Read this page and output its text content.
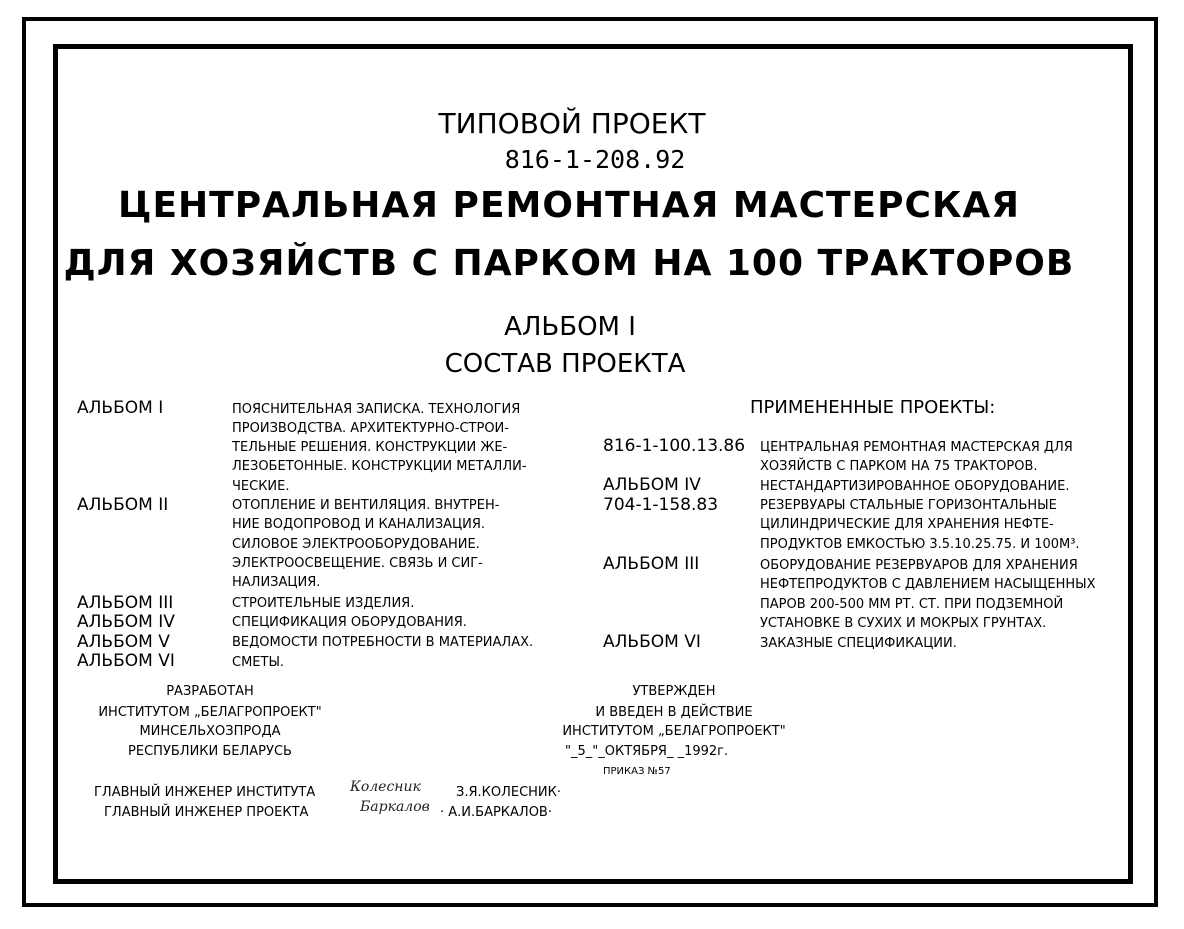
ТИПОВОЙ ПРОЕКТ
816-1-208.92
ЦЕНТРАЛЬНАЯ РЕМОНТНАЯ МАСТЕРСКАЯ
ДЛЯ ХОЗЯЙСТВ С ПАРКОМ НА 100 ТРАКТОРОВ
АЛЬБОМ I
СОСТАВ ПРОЕКТА
АЛЬБОМ I	ПОЯСНИТЕЛЬНАЯ ЗАПИСКА. ТЕХНОЛОГИЯ
ПРОИЗВОДСТВА. АРХИТЕКТУРНО-СТРОИ-
ТЕЛЬНЫЕ РЕШЕНИЯ. КОНСТРУКЦИИ ЖЕ-
ЛЕЗОБЕТОННЫЕ. КОНСТРУКЦИИ МЕТАЛЛИ-
ЧЕСКИЕ.
АЛЬБОМ II	ОТОПЛЕНИЕ И ВЕНТИЛЯЦИЯ. ВНУТРЕН-
НИЕ ВОДОПРОВОД И КАНАЛИЗАЦИЯ.
СИЛОВОЕ ЭЛЕКТРООБОРУДОВАНИЕ.
ЭЛЕКТРООСВЕЩЕНИЕ. СВЯЗЬ И СИГ-
НАЛИЗАЦИЯ.
АЛЬБОМ III	СТРОИТЕЛЬНЫЕ ИЗДЕЛИЯ.
АЛЬБОМ IV	СПЕЦИФИКАЦИЯ ОБОРУДОВАНИЯ.
АЛЬБОМ V	ВЕДОМОСТИ ПОТРЕБНОСТИ В МАТЕРИАЛАХ.
АЛЬБОМ VI	СМЕТЫ.
ПРИМЕНЕННЫЕ ПРОЕКТЫ:
816-1-100.13.86 ЦЕНТРАЛЬНАЯ РЕМОНТНАЯ МАСТЕРСКАЯ ДЛЯ
ХОЗЯЙСТВ С ПАРКОМ НА 75 ТРАКТОРОВ.
АЛЬБОМ IV	НЕСТАНДАРТИЗИРОВАННОЕ ОБОРУДОВАНИЕ.
704-1-158.83	РЕЗЕРВУАРЫ СТАЛЬНЫЕ ГОРИЗОНТАЛЬНЫЕ
ЦИЛИНДРИЧЕСКИЕ ДЛЯ ХРАНЕНИЯ НЕФТЕ-
ПРОДУКТОВ ЕМКОСТЬЮ 3.5.10.25.75. И 100М³.
АЛЬБОМ III	ОБОРУДОВАНИЕ РЕЗЕРВУАРОВ ДЛЯ ХРАНЕНИЯ
НЕФТЕПРОДУКТОВ С ДАВЛЕНИЕМ НАСЫЩЕННЫХ
ПАРОВ 200-500 ММ РТ. СТ. ПРИ ПОДЗЕМНОЙ
УСТАНОВКЕ В СУХИХ И МОКРЫХ ГРУНТАХ.
АЛЬБОМ VI	ЗАКАЗНЫЕ СПЕЦИФИКАЦИИ.
РАЗРАБОТАН
ИНСТИТУТОМ „БЕЛАГРОПРОЕКТ"
МИНСЕЛЬХОЗПРОДА
РЕСПУБЛИКИ БЕЛАРУСЬ
УТВЕРЖДЕН
И ВВЕДЕН В ДЕЙСТВИЕ
ИНСТИТУТОМ „БЕЛАГРОПРОЕКТ"
"_5_"_ОКТЯБРЯ_ _1992г.
ПРИКАЗ №57
ГЛАВНЫЙ ИНЖЕНЕР ИНСТИТУТА Колесник	З.Я.КОЛЕСНИК·
ГЛАВНЫЙ ИНЖЕНЕР ПРОЕКТА	Баркалов · А.И.БАРКАЛОВ·
